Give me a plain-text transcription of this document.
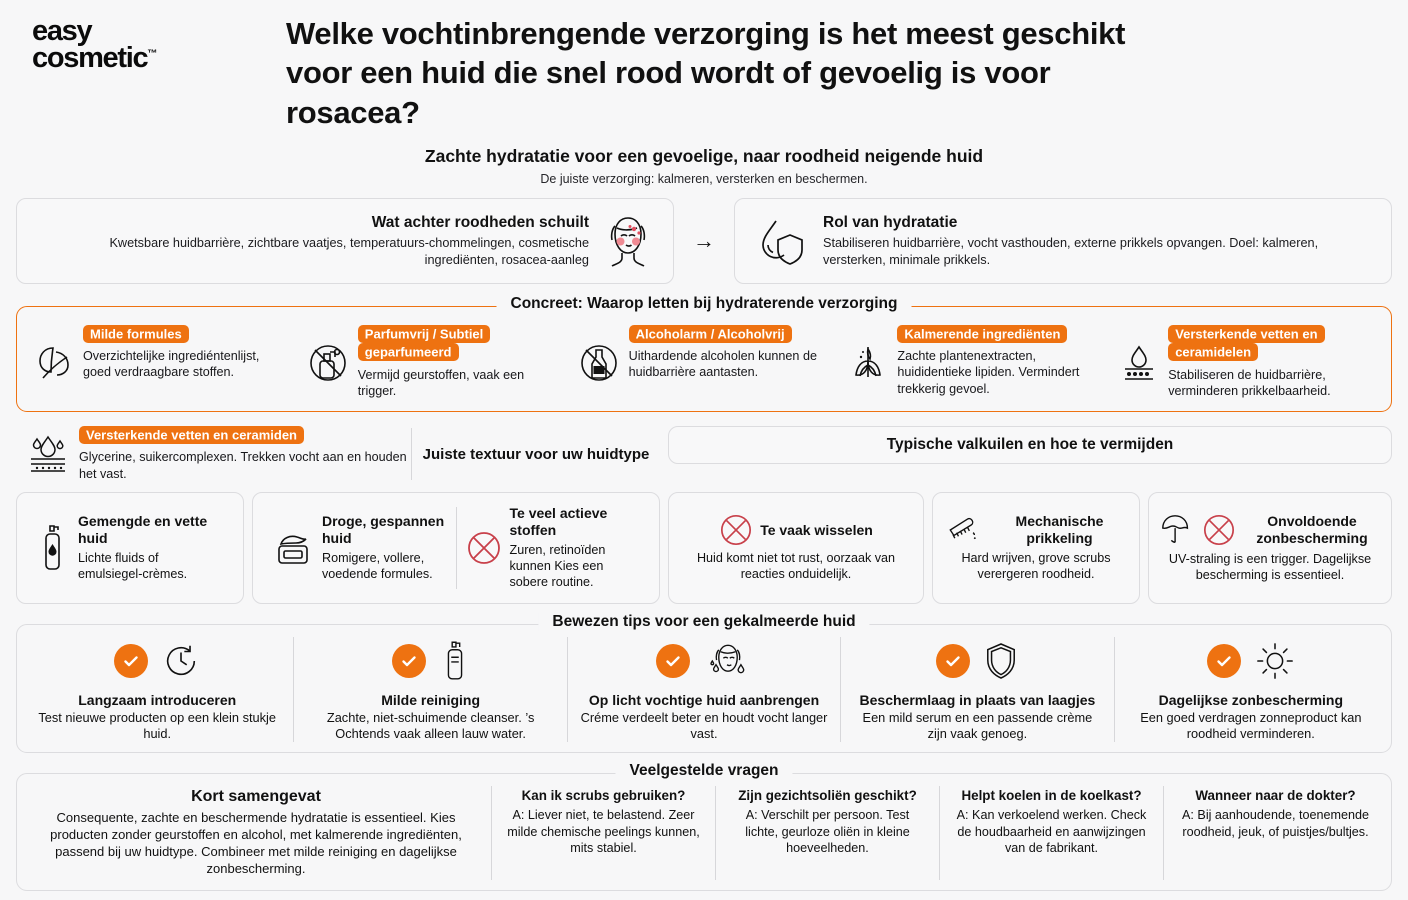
easy
cosmetic™
Welke vochtinbrengende verzorging is het meest geschikt voor een huid die snel rood wordt of gevoelig is voor rosacea?
Zachte hydratatie voor een gevoelige, naar roodheid neigende huid
De juiste verzorging: kalmeren, versterken en beschermen.
Wat achter roodheden schuilt

Kwetsbare huidbarrière, zichtbare vaatjes, temperatuurs-chommelingen, cosmetische ingrediënten, rosacea-aanleg

→
Rol van hydratatie

Stabiliseren huidbarrière, vocht vasthouden, externe prikkels opvangen. Doel: kalmeren, versterken, minimale prikkels.

Concreet: Waarop letten bij hydraterende verzorging
Milde formules

Overzichtelijke ingrediéntenlijst, goed verdraagbare stoffen.

Parfumvrij / Subtiel geparfumeerd

Vermijd geurstoffen, vaak een trigger.

Alcoholarm / Alcoholvrij

Uithardende alcoholen kunnen de huidbarrière aantasten.

Kalmerende ingrediënten

Zachte plantenextracten, huididentieke lipiden. Vermindert trekkerig gevoel.

Versterkende vetten en ceramidelen

Stabiliseren de huidbarrière, verminderen prikkelbaarheid.

Versterkende vetten en ceramiden

Glycerine, suikercomplexen. Trekken vocht aan en houden het vast.

Juiste textuur voor uw huidtype
Typische valkuilen en hoe te vermijden
Gemengde en vette huid
Lichte fluids of emulsiegel-crèmes.
Droge, gespannen huid
Romigere, vollere, voedende formules.
Te veel actieve stoffen
Zuren, retinoïden kunnen Kies een sobere routine.
Te vaak wisselen
Huid komt niet tot rust, oorzaak van reacties onduidelijk.
Mechanische prikkeling
Hard wrijven, grove scrubs verergeren roodheid.
Onvoldoende zonbescherming
UV-straling is een trigger. Dagelijkse bescherming is essentieel.
Bewezen tips voor een gekalmeerde huid
Langzaam introduceren

Test nieuwe producten op een klein stukje huid.

Milde reiniging

Zachte, niet-schuimende cleanser. ’s Ochtends vaak alleen lauw water.

Op licht vochtige huid aanbrengen

Créme verdeelt beter en houdt vocht langer vast.

Beschermlaag in plaats van laagjes

Een mild serum en een passende crème zijn vaak genoeg.

Dagelijkse zonbescherming

Een goed verdragen zonneproduct kan roodheid verminderen.

Veelgestelde vragen
Kort samengevat

Consequente, zachte en beschermende hydratatie is essentieel. Kies producten zonder geurstoffen en alcohol, met kalmerende ingrediënten, passend bij uw huidtype. Combineer met milde reiniging en dagelijkse zonbescherming.

Kan ik scrubs gebruiken?

A: Liever niet, te belastend. Zeer milde chemische peelings kunnen, mits stabiel.

Zijn gezichtsoliën geschikt?

A: Verschilt per persoon. Test lichte, geurloze oliën in kleine hoeveelheden.

Helpt koelen in de koelkast?

A: Kan verkoelend werken. Check de houdbaarheid en aanwijzingen van de fabrikant.

Wanneer naar de dokter?

A: Bij aanhoudende, toenemende roodheid, jeuk, of puistjes/bultjes.
